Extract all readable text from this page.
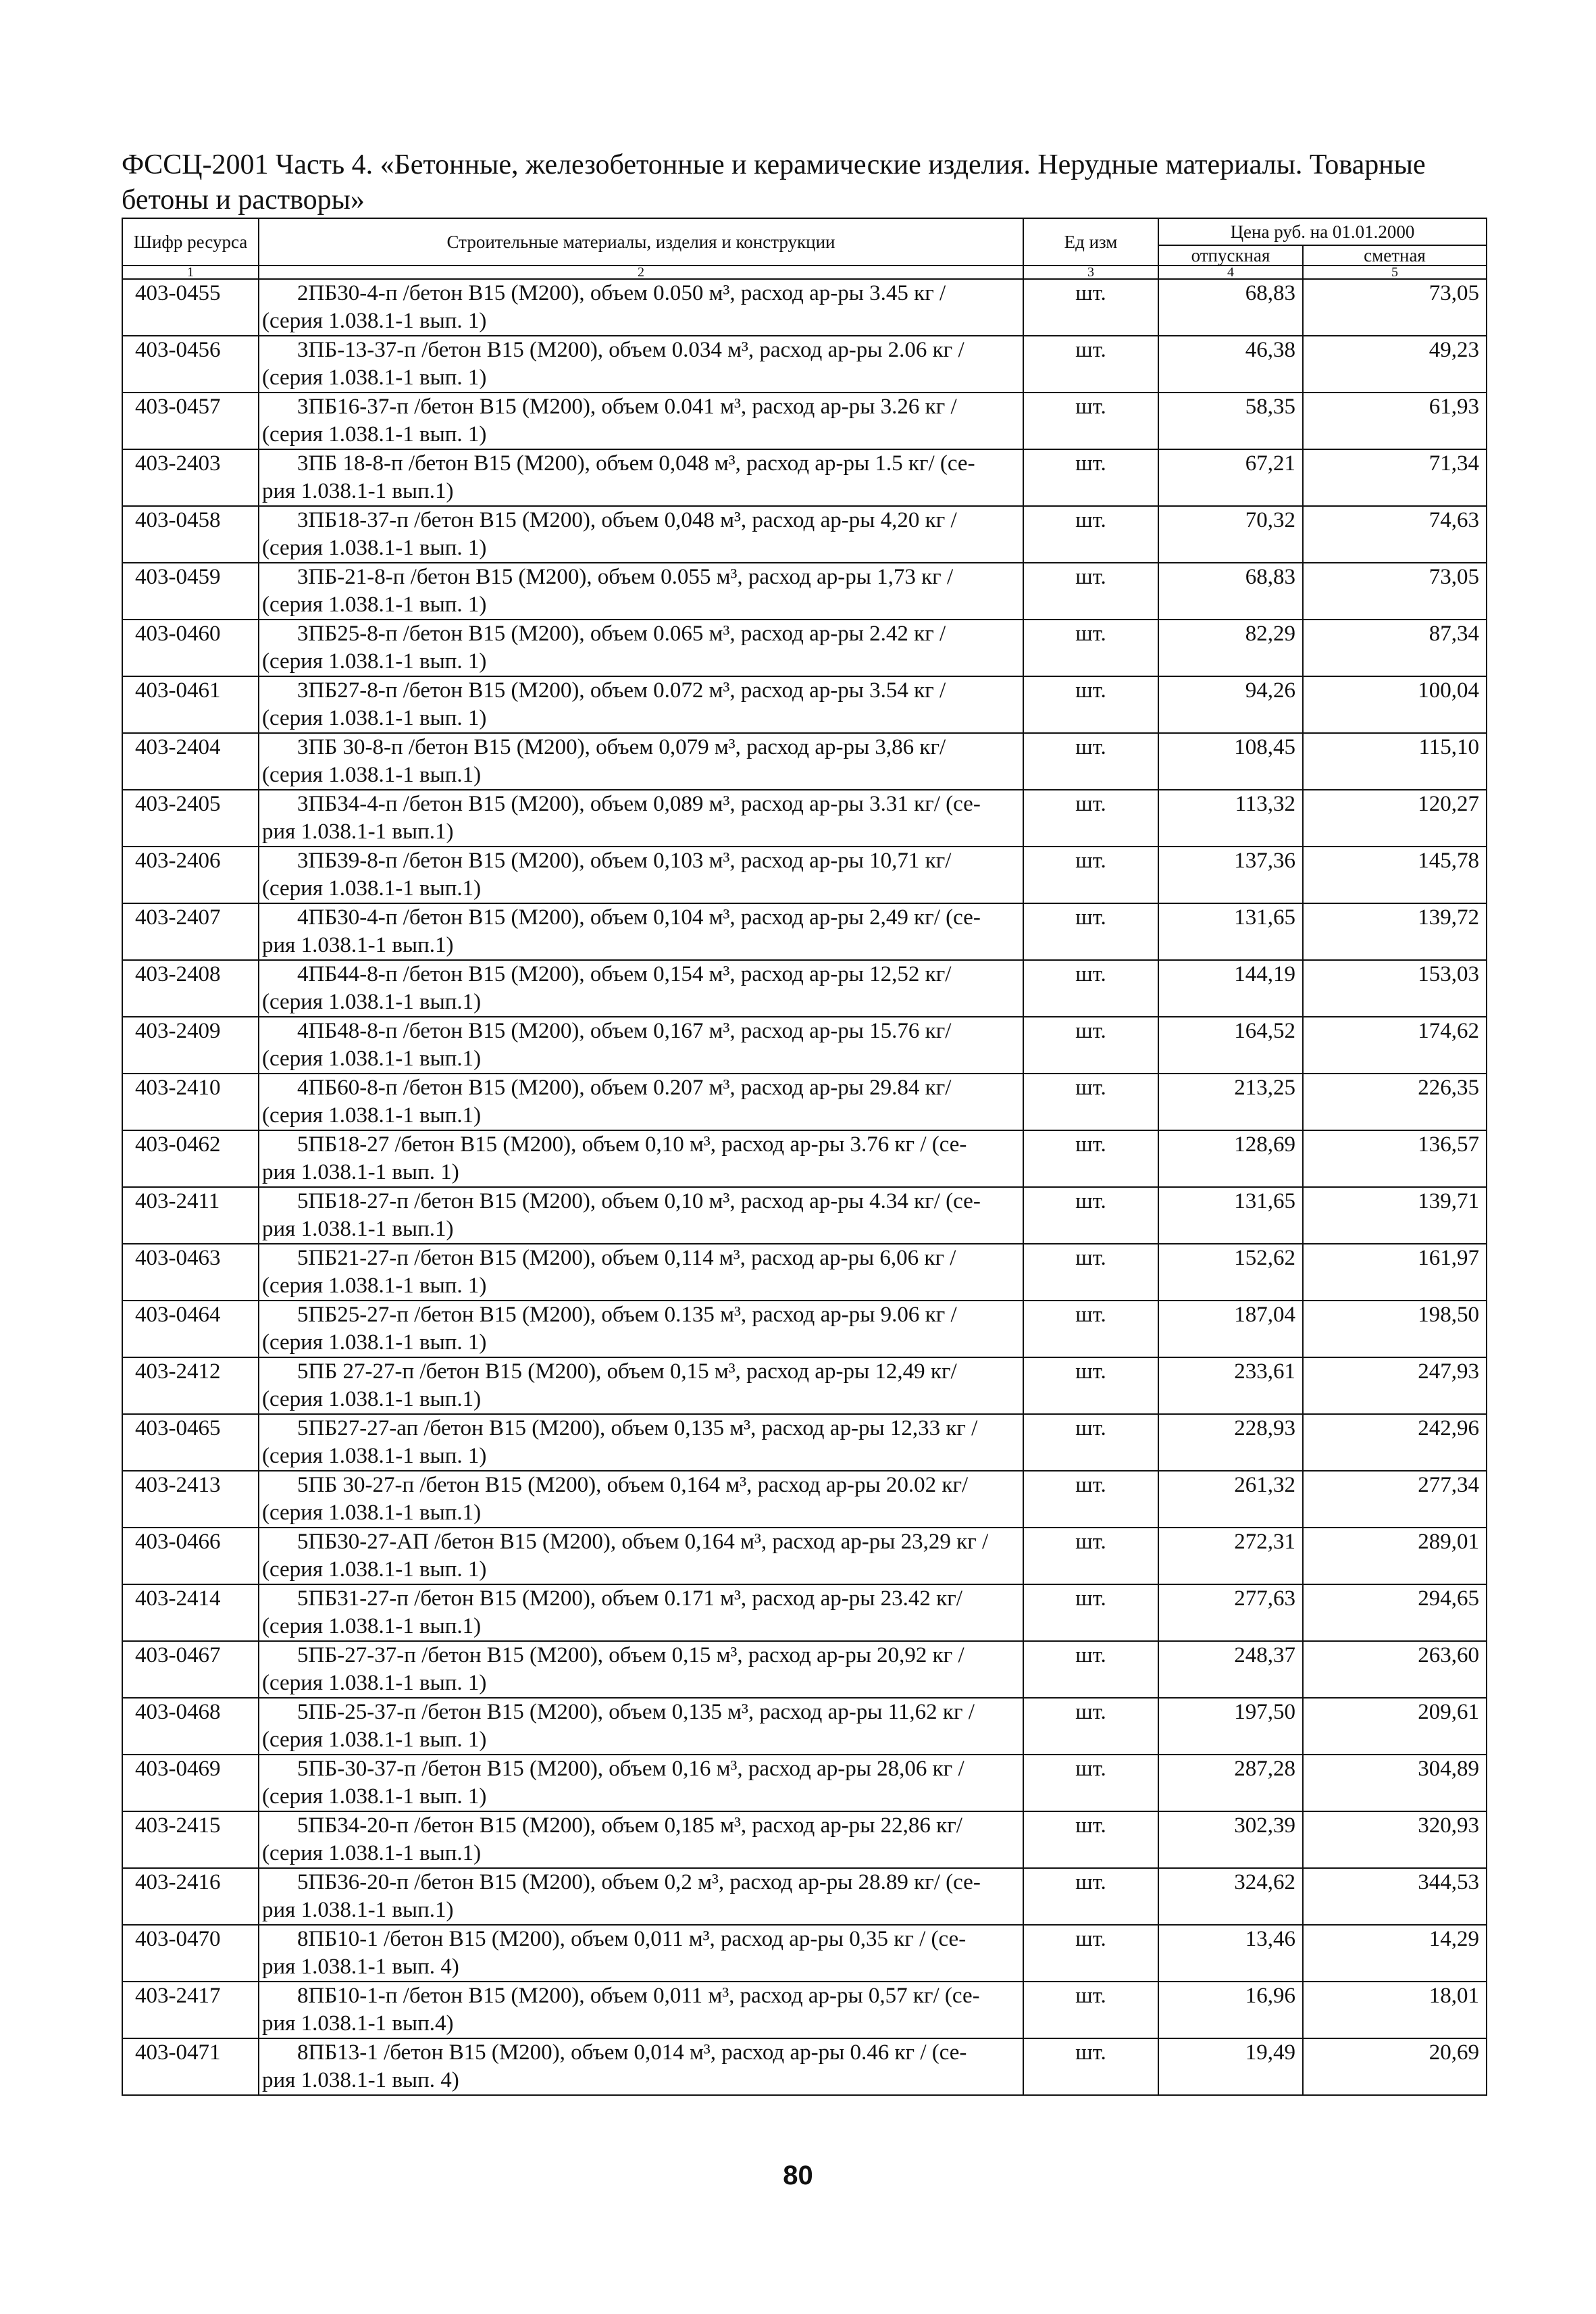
ФССЦ-2001 Часть 4. «Бетонные, железобетонные и керамические изделия. Нерудные материалы. Товарные бетоны и растворы»

Шифр ресурса	Строительные материалы, изделия и конструкции	Ед изм	Цена руб. на 01.01.2000	
			отпускная	сметная
1	2	3	4	5
403-0455	2ПБ30-4-п /бетон В15 (М200), объем 0.050 м³, расход ар-ры 3.45 кг /
(серия 1.038.1-1 вып. 1)	шт.	68,83	73,05
403-0456	3ПБ-13-37-п /бетон В15 (М200), объем 0.034 м³, расход ар-ры 2.06 кг /
(серия 1.038.1-1 вып. 1)	шт.	46,38	49,23
403-0457	3ПБ16-37-п /бетон В15 (М200), объем 0.041 м³, расход ар-ры 3.26 кг /
(серия 1.038.1-1 вып. 1)	шт.	58,35	61,93
403-2403	3ПБ 18-8-п /бетон В15 (М200), объем 0,048 м³, расход ар-ры 1.5 кг/ (се-
рия 1.038.1-1 вып.1)	шт.	67,21	71,34
403-0458	3ПБ18-37-п /бетон В15 (М200), объем 0,048 м³, расход ар-ры 4,20 кг /
(серия 1.038.1-1 вып. 1)	шт.	70,32	74,63
403-0459	3ПБ-21-8-п /бетон В15 (М200), объем 0.055 м³, расход ар-ры 1,73 кг /
(серия 1.038.1-1 вып. 1)	шт.	68,83	73,05
403-0460	3ПБ25-8-п /бетон В15 (М200), объем 0.065 м³, расход ар-ры 2.42 кг /
(серия 1.038.1-1 вып. 1)	шт.	82,29	87,34
403-0461	3ПБ27-8-п /бетон В15 (М200), объем 0.072 м³, расход ар-ры 3.54 кг /
(серия 1.038.1-1 вып. 1)	шт.	94,26	100,04
403-2404	3ПБ 30-8-п /бетон В15 (М200), объем 0,079 м³, расход ар-ры 3,86 кг/
(серия 1.038.1-1 вып.1)	шт.	108,45	115,10
403-2405	3ПБ34-4-п /бетон В15 (М200), объем 0,089 м³, расход ар-ры 3.31 кг/ (се-
рия 1.038.1-1 вып.1)	шт.	113,32	120,27
403-2406	3ПБ39-8-п /бетон В15 (М200), объем 0,103 м³, расход ар-ры 10,71 кг/
(серия 1.038.1-1 вып.1)	шт.	137,36	145,78
403-2407	4ПБ30-4-п /бетон В15 (М200), объем 0,104 м³, расход ар-ры 2,49 кг/ (се-
рия 1.038.1-1 вып.1)	шт.	131,65	139,72
403-2408	4ПБ44-8-п /бетон В15 (М200), объем 0,154 м³, расход ар-ры 12,52 кг/
(серия 1.038.1-1 вып.1)	шт.	144,19	153,03
403-2409	4ПБ48-8-п /бетон В15 (М200), объем 0,167 м³, расход ар-ры 15.76 кг/
(серия 1.038.1-1 вып.1)	шт.	164,52	174,62
403-2410	4ПБ60-8-п /бетон В15 (М200), объем 0.207 м³, расход ар-ры 29.84 кг/
(серия 1.038.1-1 вып.1)	шт.	213,25	226,35
403-0462	5ПБ18-27 /бетон В15 (М200), объем 0,10 м³, расход ар-ры 3.76 кг / (се-
рия 1.038.1-1 вып. 1)	шт.	128,69	136,57
403-2411	5ПБ18-27-п /бетон В15 (М200), объем 0,10 м³, расход ар-ры 4.34 кг/ (се-
рия 1.038.1-1 вып.1)	шт.	131,65	139,71
403-0463	5ПБ21-27-п /бетон В15 (М200), объем 0,114 м³, расход ар-ры 6,06 кг /
(серия 1.038.1-1 вып. 1)	шт.	152,62	161,97
403-0464	5ПБ25-27-п /бетон В15 (М200), объем 0.135 м³, расход ар-ры 9.06 кг /
(серия 1.038.1-1 вып. 1)	шт.	187,04	198,50
403-2412	5ПБ 27-27-п /бетон В15 (М200), объем 0,15 м³, расход ар-ры 12,49 кг/
(серия 1.038.1-1 вып.1)	шт.	233,61	247,93
403-0465	5ПБ27-27-ап /бетон В15 (М200), объем 0,135 м³, расход ар-ры 12,33 кг /
(серия 1.038.1-1 вып. 1)	шт.	228,93	242,96
403-2413	5ПБ 30-27-п /бетон В15 (М200), объем 0,164 м³, расход ар-ры 20.02 кг/
(серия 1.038.1-1 вып.1)	шт.	261,32	277,34
403-0466	5ПБ30-27-АП /бетон В15 (М200), объем 0,164 м³, расход ар-ры 23,29 кг /
(серия 1.038.1-1 вып. 1)	шт.	272,31	289,01
403-2414	5ПБ31-27-п /бетон В15 (М200), объем 0.171 м³, расход ар-ры 23.42 кг/
(серия 1.038.1-1 вып.1)	шт.	277,63	294,65
403-0467	5ПБ-27-37-п /бетон В15 (М200), объем 0,15 м³, расход ар-ры 20,92 кг /
(серия 1.038.1-1 вып. 1)	шт.	248,37	263,60
403-0468	5ПБ-25-37-п /бетон В15 (М200), объем 0,135 м³, расход ар-ры 11,62 кг /
(серия 1.038.1-1 вып. 1)	шт.	197,50	209,61
403-0469	5ПБ-30-37-п /бетон В15 (М200), объем 0,16 м³, расход ар-ры 28,06 кг /
(серия 1.038.1-1 вып. 1)	шт.	287,28	304,89
403-2415	5ПБ34-20-п /бетон В15 (М200), объем 0,185 м³, расход ар-ры 22,86 кг/
(серия 1.038.1-1 вып.1)	шт.	302,39	320,93
403-2416	5ПБ36-20-п /бетон В15 (М200), объем 0,2 м³, расход ар-ры 28.89 кг/ (се-
рия 1.038.1-1 вып.1)	шт.	324,62	344,53
403-0470	8ПБ10-1 /бетон В15 (М200), объем 0,011 м³, расход ар-ры 0,35 кг / (се-
рия 1.038.1-1 вып. 4)	шт.	13,46	14,29
403-2417	8ПБ10-1-п /бетон В15 (М200), объем 0,011 м³, расход ар-ры 0,57 кг/ (се-
рия 1.038.1-1 вып.4)	шт.	16,96	18,01
403-0471	8ПБ13-1 /бетон В15 (М200), объем 0,014 м³, расход ар-ры 0.46 кг / (се-
рия 1.038.1-1 вып. 4)	шт.	19,49	20,69

80
